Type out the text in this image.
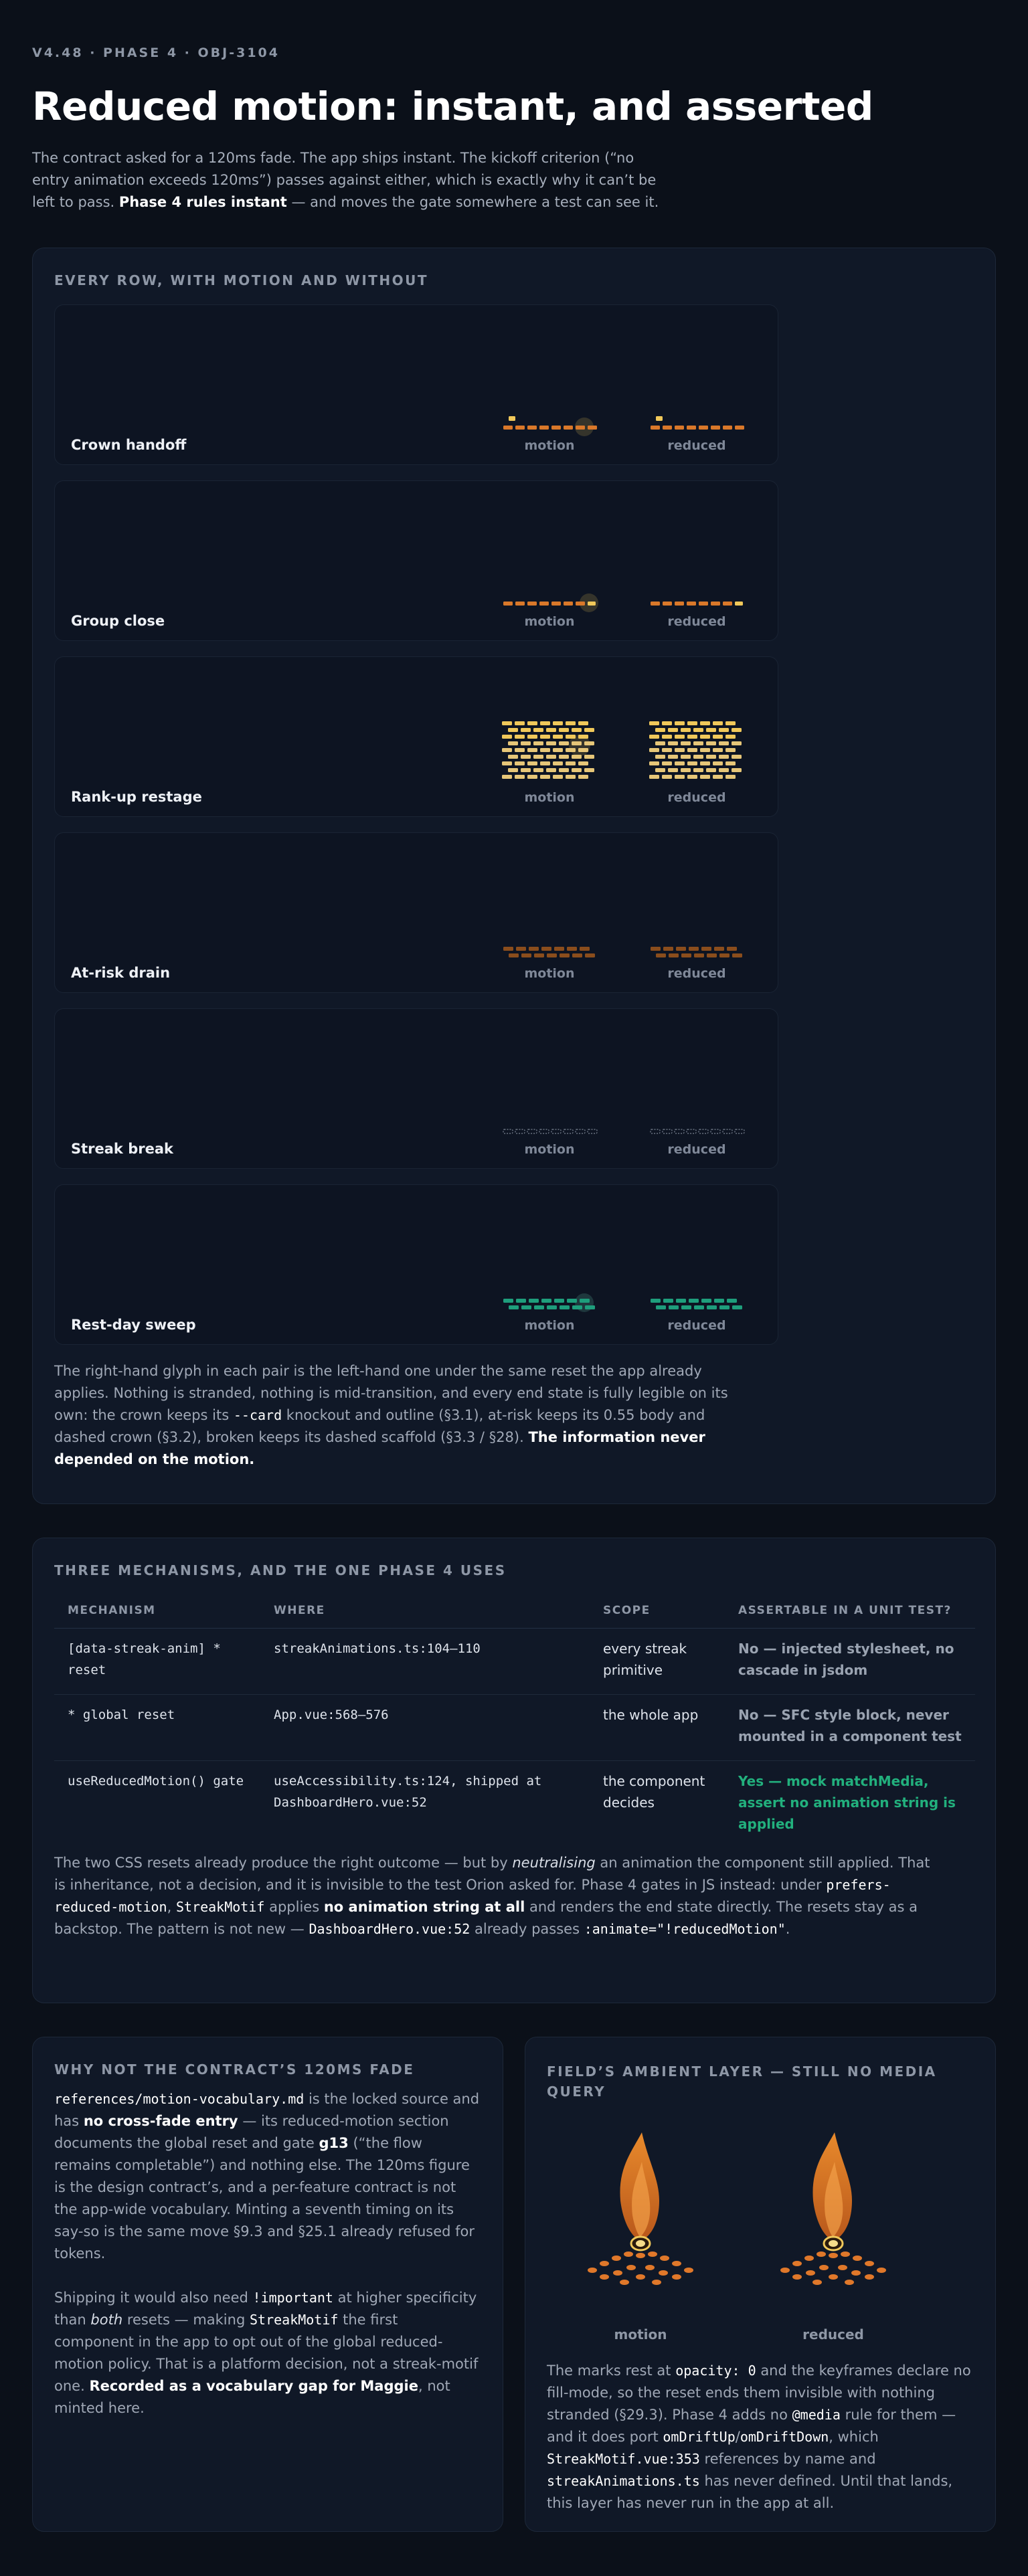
V4.48 · PHASE 4 · OBJ-3104
Reduced motion: instant, and asserted

The contract asked for a 120ms fade. The app ships instant. The kickoff criterion (“no entry animation exceeds 120ms”) passes against either, which is exactly why it can’t be left to pass. Phase 4 rules instant — and moves the gate somewhere a test can see it.

EVERY ROW, WITH MOTION AND WITHOUT
Crown handoff	motion	reduced
Group close	motion	reduced
Rank-up restage	motion	reduced
At-risk drain	motion	reduced
Streak break	motion	reduced
Rest-day sweep	motion	reduced

The right-hand glyph in each pair is the left-hand one under the same reset the app already applies. Nothing is stranded, nothing is mid-transition, and every end state is fully legible on its own: the crown keeps its --card knockout and outline (§3.1), at-risk keeps its 0.55 body and dashed crown (§3.2), broken keeps its dashed scaffold (§3.3 / §28). The information never depended on the motion.

THREE MECHANISMS, AND THE ONE PHASE 4 USES
MECHANISM	WHERE	SCOPE	ASSERTABLE IN A UNIT TEST?
[data-streak-anim] * reset	streakAnimations.ts:104–110	every streak primitive	No — injected stylesheet, no cascade in jsdom
* global reset	App.vue:568–576	the whole app	No — SFC style block, never mounted in a component test
useReducedMotion() gate	useAccessibility.ts:124, shipped at DashboardHero.vue:52	the component decides	Yes — mock matchMedia, assert no animation string is applied

The two CSS resets already produce the right outcome — but by neutralising an animation the component still applied. That is inheritance, not a decision, and it is invisible to the test Orion asked for. Phase 4 gates in JS instead: under prefers-reduced-motion, StreakMotif applies no animation string at all and renders the end state directly. The resets stay as a backstop. The pattern is not new — DashboardHero.vue:52 already passes :animate="!reducedMotion".

WHY NOT THE CONTRACT’S 120MS FADE

references/motion-vocabulary.md is the locked source and has no cross-fade entry — its reduced-motion section documents the global reset and gate g13 (“the flow remains completable”) and nothing else. The 120ms figure is the design contract’s, and a per-feature contract is not the app-wide vocabulary. Minting a seventh timing on its say-so is the same move §9.3 and §25.1 already refused for tokens.

Shipping it would also need !important at higher specificity than both resets — making StreakMotif the first component in the app to opt out of the global reduced-motion policy. That is a platform decision, not a streak-motif one. Recorded as a vocabulary gap for Maggie, not minted here.

FIELD’S AMBIENT LAYER — STILL NO MEDIA QUERY
motion	reduced

The marks rest at opacity: 0 and the keyframes declare no fill-mode, so the reset ends them invisible with nothing stranded (§29.3). Phase 4 adds no @media rule for them — and it does port omDriftUp/omDriftDown, which StreakMotif.vue:353 references by name and streakAnimations.ts has never defined. Until that lands, this layer has never run in the app at all.
